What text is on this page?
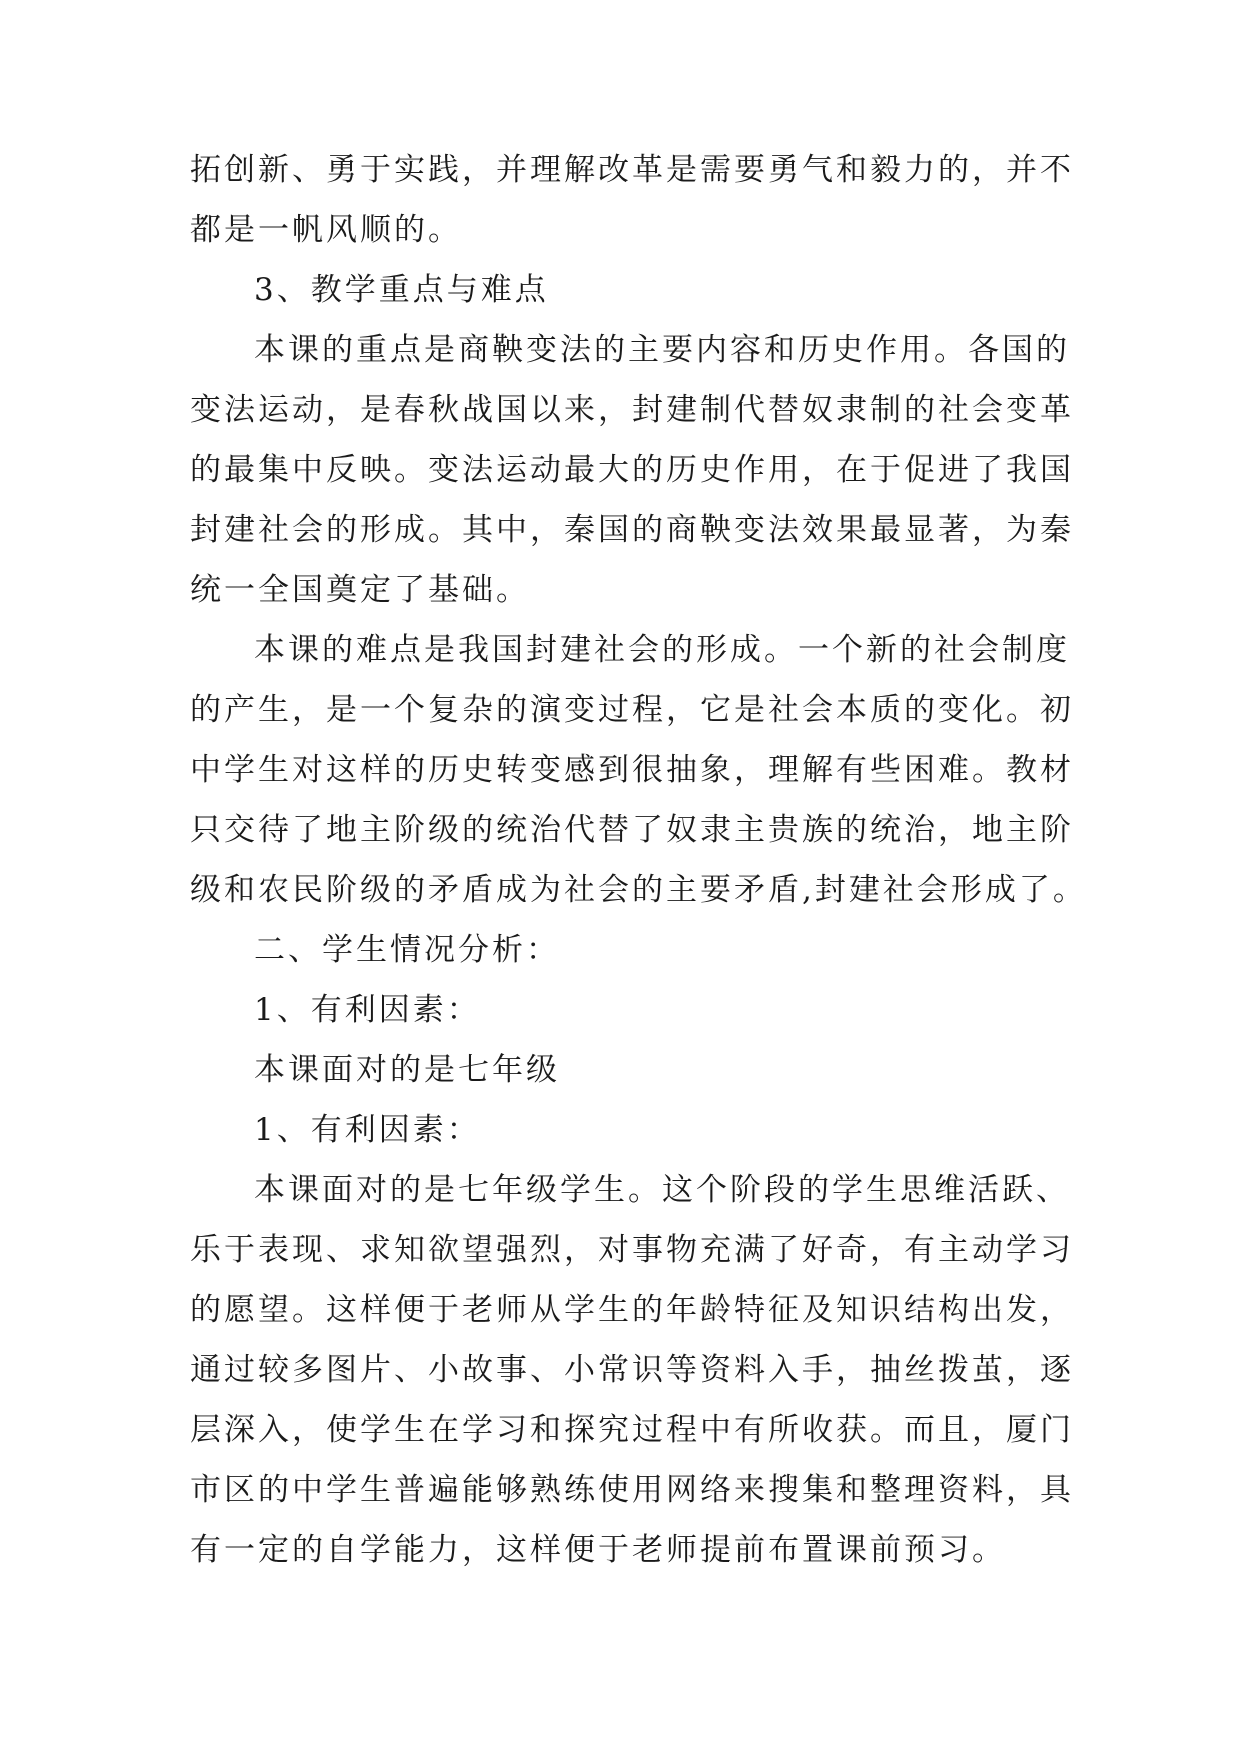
拓创新、勇于实践，并理解改革是需要勇气和毅力的，并不
都是一帆风顺的。
3、教学重点与难点
本课的重点是商鞅变法的主要内容和历史作用。各国的
变法运动，是春秋战国以来，封建制代替奴隶制的社会变革
的最集中反映。变法运动最大的历史作用，在于促进了我国
封建社会的形成。其中，秦国的商鞅变法效果最显著，为秦
统一全国奠定了基础。
本课的难点是我国封建社会的形成。一个新的社会制度
的产生，是一个复杂的演变过程，它是社会本质的变化。初
中学生对这样的历史转变感到很抽象，理解有些困难。教材
只交待了地主阶级的统治代替了奴隶主贵族的统治，地主阶
级和农民阶级的矛盾成为社会的主要矛盾,封建社会形成了。
二、学生情况分析：
1、有利因素：
本课面对的是七年级
1、有利因素：
本课面对的是七年级学生。这个阶段的学生思维活跃、
乐于表现、求知欲望强烈，对事物充满了好奇，有主动学习
的愿望。这样便于老师从学生的年龄特征及知识结构出发，
通过较多图片、小故事、小常识等资料入手，抽丝拨茧，逐
层深入，使学生在学习和探究过程中有所收获。而且，厦门
市区的中学生普遍能够熟练使用网络来搜集和整理资料，具
有一定的自学能力，这样便于老师提前布置课前预习。
